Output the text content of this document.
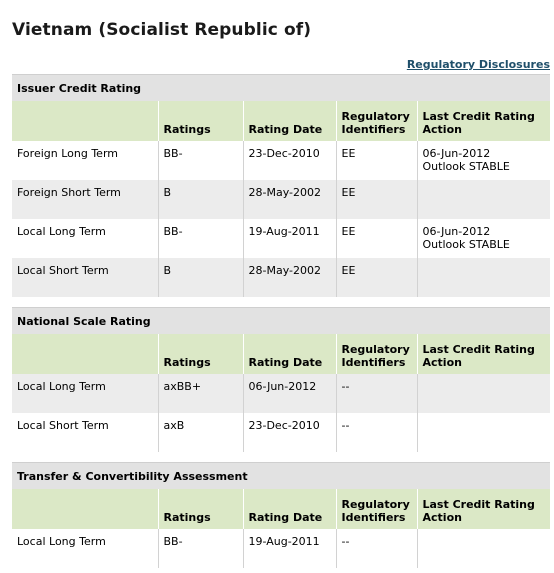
Vietnam (Socialist Republic of)
Regulatory Disclosures
Issuer Credit Rating
	Ratings	Rating Date	Regulatory Identifiers	Last Credit Rating Action
Foreign Long Term	BB-	23-Dec-2010	EE	06-Jun-2012
Outlook STABLE

Foreign Short Term	B	28-May-2002	EE	

Local Long Term	BB-	19-Aug-2011	EE	06-Jun-2012
Outlook STABLE

Local Short Term	B	28-May-2002	EE	
National Scale Rating
	Ratings	Rating Date	Regulatory Identifiers	Last Credit Rating Action
Local Long Term	axBB+	06-Jun-2012	--	

Local Short Term	axB	23-Dec-2010	--	
Transfer & Convertibility Assessment
	Ratings	Rating Date	Regulatory Identifiers	Last Credit Rating Action
Local Long Term	BB-	19-Aug-2011	--	
